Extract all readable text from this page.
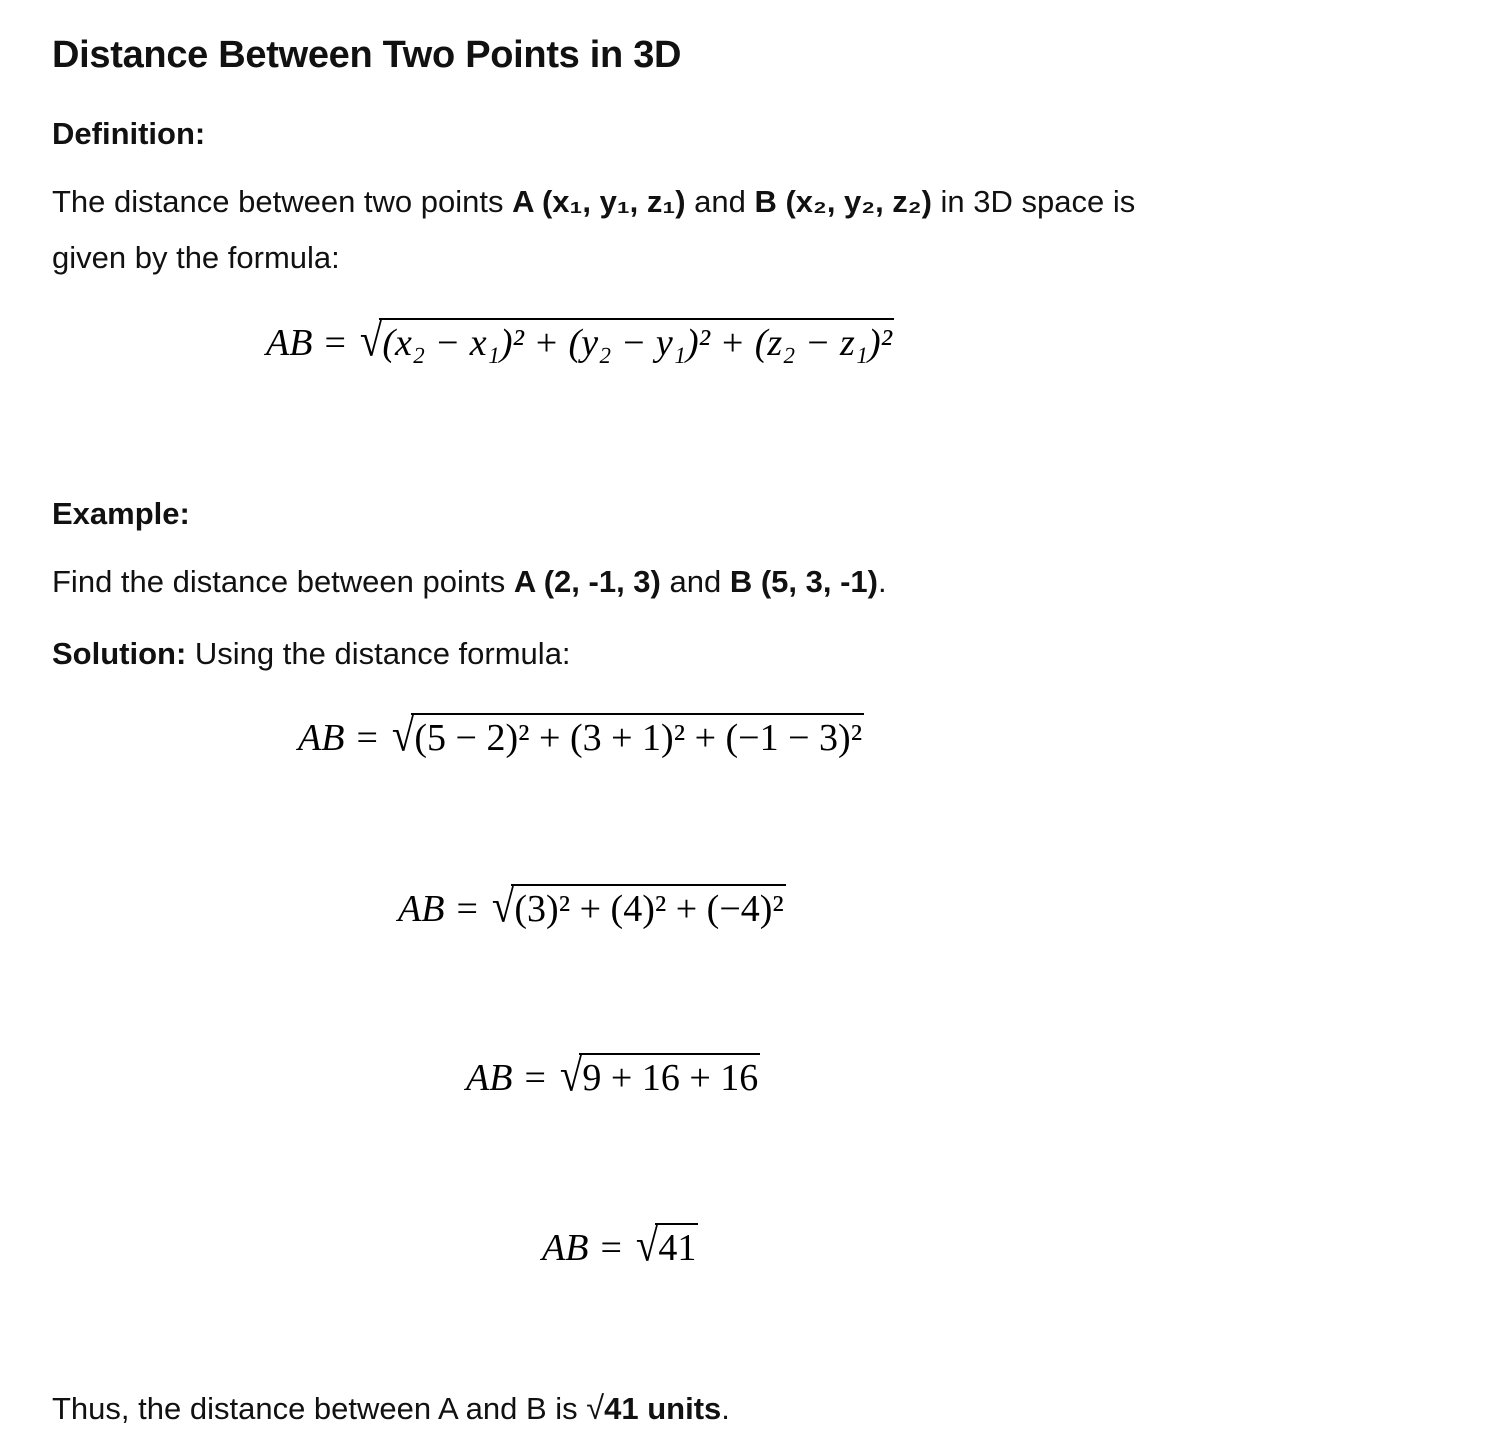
Distance Between Two Points in 3D
Definition:
The distance between two points A (x₁, y₁, z₁) and B (x₂, y₂, z₂) in 3D space is
given by the formula:
AB = √(x₂ − x₁)² + (y₂ − y₁)² + (z₂ − z₁)²
Example:
Find the distance between points A (2, -1, 3) and B (5, 3, -1).
Solution: Using the distance formula:
AB = √(5 − 2)² + (3 + 1)² + (−1 − 3)²
AB = √(3)² + (4)² + (−4)²
AB = √9 + 16 + 16
AB = √41
Thus, the distance between A and B is √41 units.
